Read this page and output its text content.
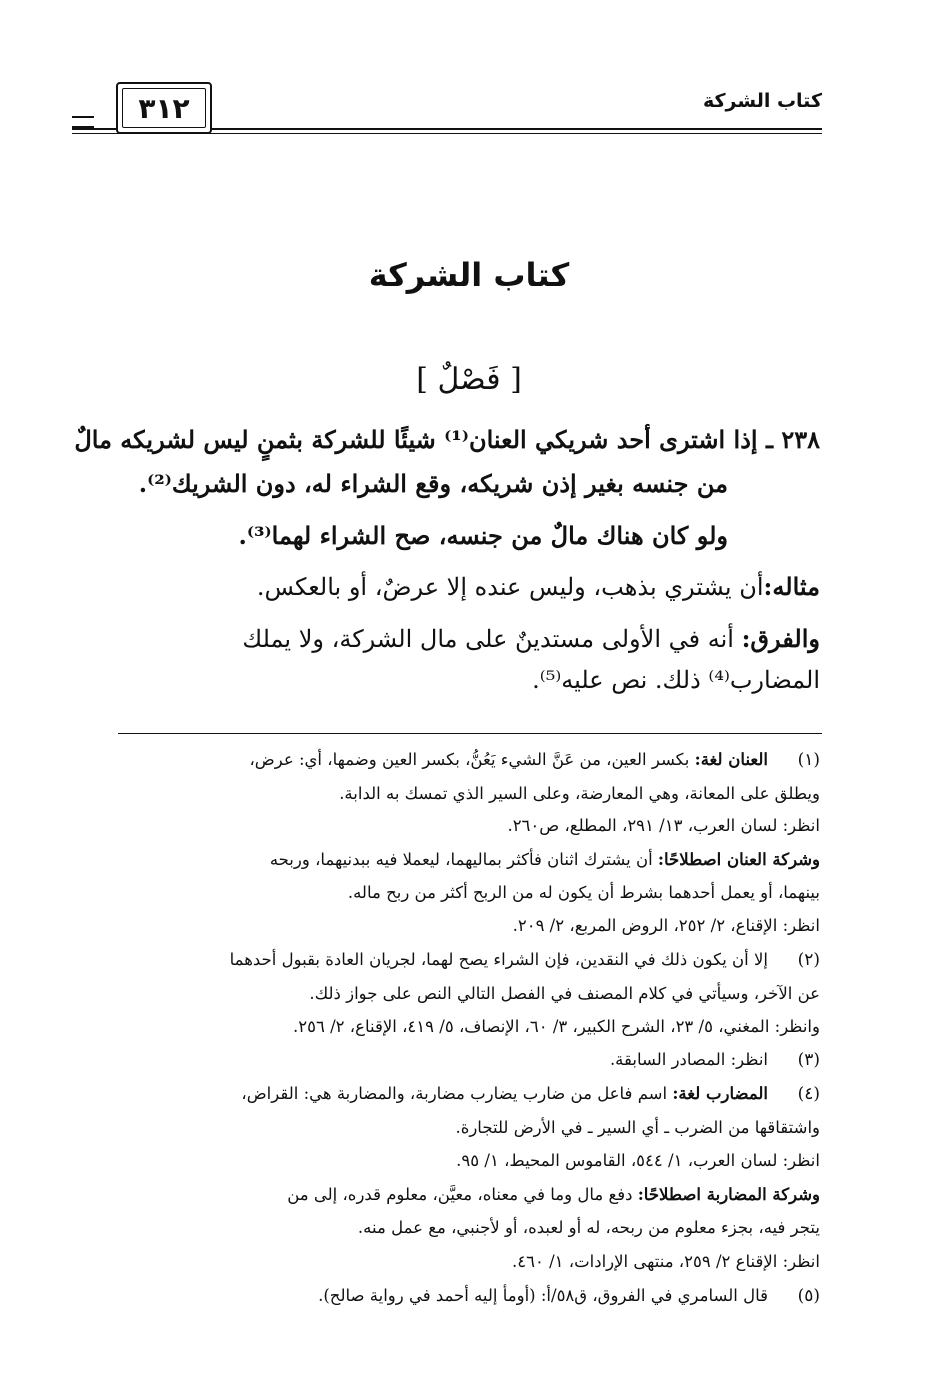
كتاب الشركة
٣١٢
كتاب الشركة
[ فَصْلٌ ]
٢٣٨ ـ إذا اشترى أحد شريكي العنان⁽¹⁾ شيئًا للشركة بثمنٍ ليس لشريكه مالٌ
من جنسه بغير إذن شريكه، وقع الشراء له، دون الشريك⁽²⁾.
ولو كان هناك مالٌ من جنسه، صح الشراء لهما⁽³⁾.
مثاله:أن يشتري بذهب، وليس عنده إلا عرضٌ، أو بالعكس.
والفرق: أنه في الأولى مستدينٌ على مال الشركة، ولا يملك
المضارب⁽⁴⁾ ذلك. نص عليه⁽⁵⁾.
(١)
العنان لغة: بكسر العين، من عَنَّ الشيء يَعُنُّ، بكسر العين وضمها، أي: عرض،
ويطلق على المعانة، وهي المعارضة، وعلى السير الذي تمسك به الدابة.
انظر: لسان العرب، ١٣/ ٢٩١، المطلع، ص٢٦٠.
وشركة العنان اصطلاحًا: أن يشترك اثنان فأكثر بماليهما، ليعملا فيه ببدنيهما، وربحه
بينهما، أو يعمل أحدهما بشرط أن يكون له من الربح أكثر من ربح ماله.
انظر: الإقناع، ٢/ ٢٥٢، الروض المربع، ٢/ ٢٠٩.
(٢)
إلا أن يكون ذلك في النقدين، فإن الشراء يصح لهما، لجريان العادة بقبول أحدهما
عن الآخر، وسيأتي في كلام المصنف في الفصل التالي النص على جواز ذلك.
وانظر: المغني، ٥/ ٢٣، الشرح الكبير، ٣/ ٦٠، الإنصاف، ٥/ ٤١٩، الإقناع، ٢/ ٢٥٦.
(٣)
انظر: المصادر السابقة.
(٤)
المضارب لغة: اسم فاعل من ضارب يضارب مضاربة، والمضاربة هي: القراض،
واشتقاقها من الضرب ـ أي السير ـ في الأرض للتجارة.
انظر: لسان العرب، ١/ ٥٤٤، القاموس المحيط، ١/ ٩٥.
وشركة المضاربة اصطلاحًا: دفع مال وما في معناه، معيَّن، معلوم قدره، إلى من
يتجر فيه، بجزء معلوم من ربحه، له أو لعبده، أو لأجنبي، مع عمل منه.
انظر: الإقناع ٢/ ٢٥٩، منتهى الإرادات، ١/ ٤٦٠.
(٥)
قال السامري في الفروق، ق٥٨/أ: (أومأ إليه أحمد في رواية صالح).
